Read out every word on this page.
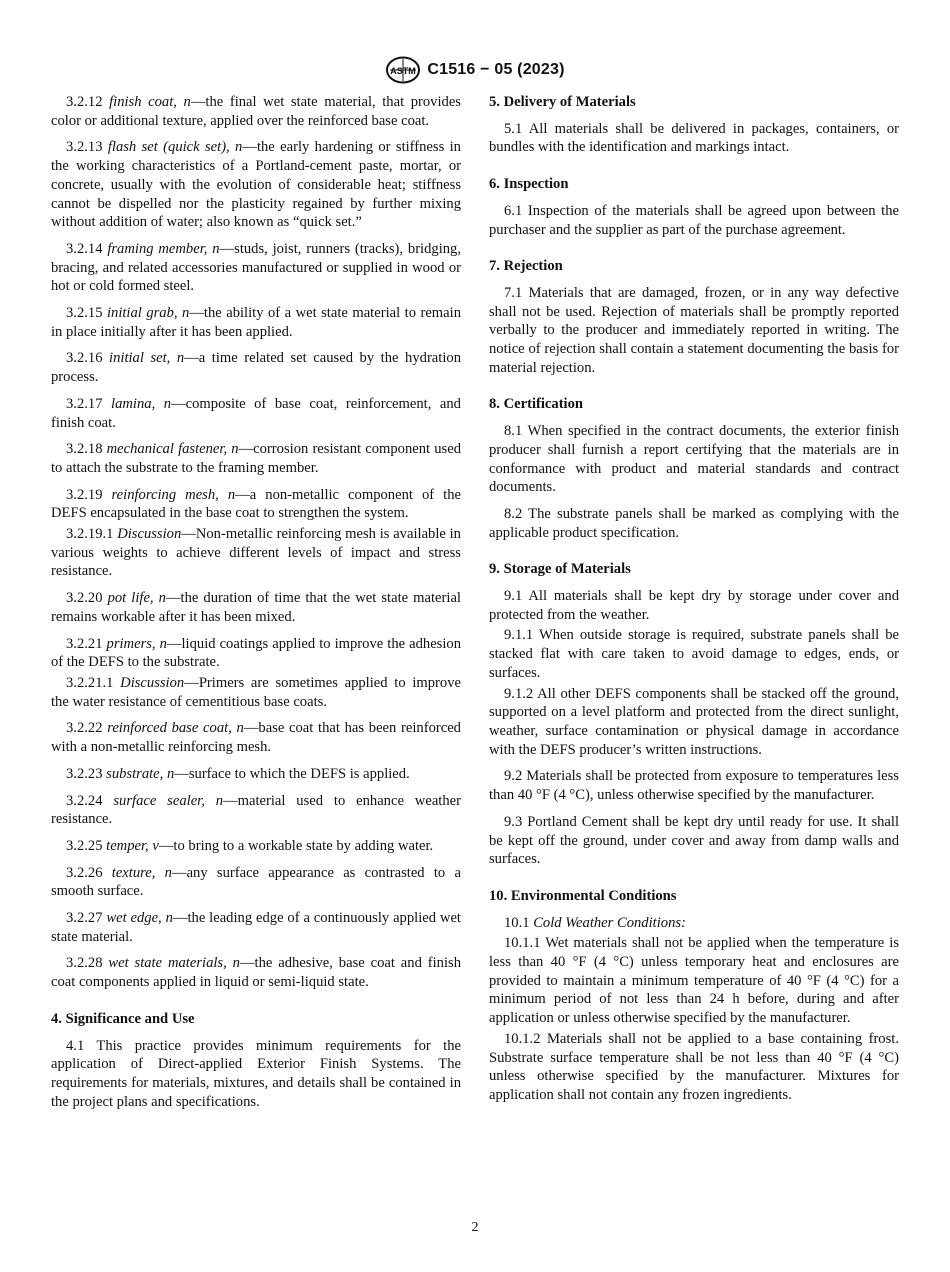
ASTM C1516 − 05 (2023)

3.2.12 finish coat, n—the final wet state material, that provides color or additional texture, applied over the reinforced base coat.

3.2.13 flash set (quick set), n—the early hardening or stiffness in the working characteristics of a Portland-cement paste, mortar, or concrete, usually with the evolution of considerable heat; stiffness cannot be dispelled nor the plasticity regained by further mixing without addition of water; also known as “quick set.”

3.2.14 framing member, n—studs, joist, runners (tracks), bridging, bracing, and related accessories manufactured or supplied in wood or hot or cold formed steel.

3.2.15 initial grab, n—the ability of a wet state material to remain in place initially after it has been applied.

3.2.16 initial set, n—a time related set caused by the hydration process.

3.2.17 lamina, n—composite of base coat, reinforcement, and finish coat.

3.2.18 mechanical fastener, n—corrosion resistant component used to attach the substrate to the framing member.

3.2.19 reinforcing mesh, n—a non-metallic component of the DEFS encapsulated in the base coat to strengthen the system.

3.2.19.1 Discussion—Non-metallic reinforcing mesh is available in various weights to achieve different levels of impact and stress resistance.

3.2.20 pot life, n—the duration of time that the wet state material remains workable after it has been mixed.

3.2.21 primers, n—liquid coatings applied to improve the adhesion of the DEFS to the substrate.

3.2.21.1 Discussion—Primers are sometimes applied to improve the water resistance of cementitious base coats.

3.2.22 reinforced base coat, n—base coat that has been reinforced with a non-metallic reinforcing mesh.

3.2.23 substrate, n—surface to which the DEFS is applied.

3.2.24 surface sealer, n—material used to enhance weather resistance.

3.2.25 temper, v—to bring to a workable state by adding water.

3.2.26 texture, n—any surface appearance as contrasted to a smooth surface.

3.2.27 wet edge, n—the leading edge of a continuously applied wet state material.

3.2.28 wet state materials, n—the adhesive, base coat and finish coat components applied in liquid or semi-liquid state.

4. Significance and Use

4.1 This practice provides minimum requirements for the application of Direct-applied Exterior Finish Systems. The requirements for materials, mixtures, and details shall be contained in the project plans and specifications.

5. Delivery of Materials

5.1 All materials shall be delivered in packages, containers, or bundles with the identification and markings intact.

6. Inspection

6.1 Inspection of the materials shall be agreed upon between the purchaser and the supplier as part of the purchase agreement.

7. Rejection

7.1 Materials that are damaged, frozen, or in any way defective shall not be used. Rejection of materials shall be promptly reported verbally to the producer and immediately reported in writing. The notice of rejection shall contain a statement documenting the basis for material rejection.

8. Certification

8.1 When specified in the contract documents, the exterior finish producer shall furnish a report certifying that the materials are in conformance with product and material standards and contract documents.

8.2 The substrate panels shall be marked as complying with the applicable product specification.

9. Storage of Materials

9.1 All materials shall be kept dry by storage under cover and protected from the weather.

9.1.1 When outside storage is required, substrate panels shall be stacked flat with care taken to avoid damage to edges, ends, or surfaces.

9.1.2 All other DEFS components shall be stacked off the ground, supported on a level platform and protected from the direct sunlight, weather, surface contamination or physical damage in accordance with the DEFS producer’s written instructions.

9.2 Materials shall be protected from exposure to temperatures less than 40 °F (4 °C), unless otherwise specified by the manufacturer.

9.3 Portland Cement shall be kept dry until ready for use. It shall be kept off the ground, under cover and away from damp walls and surfaces.

10. Environmental Conditions

10.1 Cold Weather Conditions:

10.1.1 Wet materials shall not be applied when the temperature is less than 40 °F (4 °C) unless temporary heat and enclosures are provided to maintain a minimum temperature of 40 °F (4 °C) for a minimum period of not less than 24 h before, during and after application or unless otherwise specified by the manufacturer.

10.1.2 Materials shall not be applied to a base containing frost. Substrate surface temperature shall be not less than 40 °F (4 °C) unless otherwise specified by the manufacturer. Mixtures for application shall not contain any frozen ingredients.

2
